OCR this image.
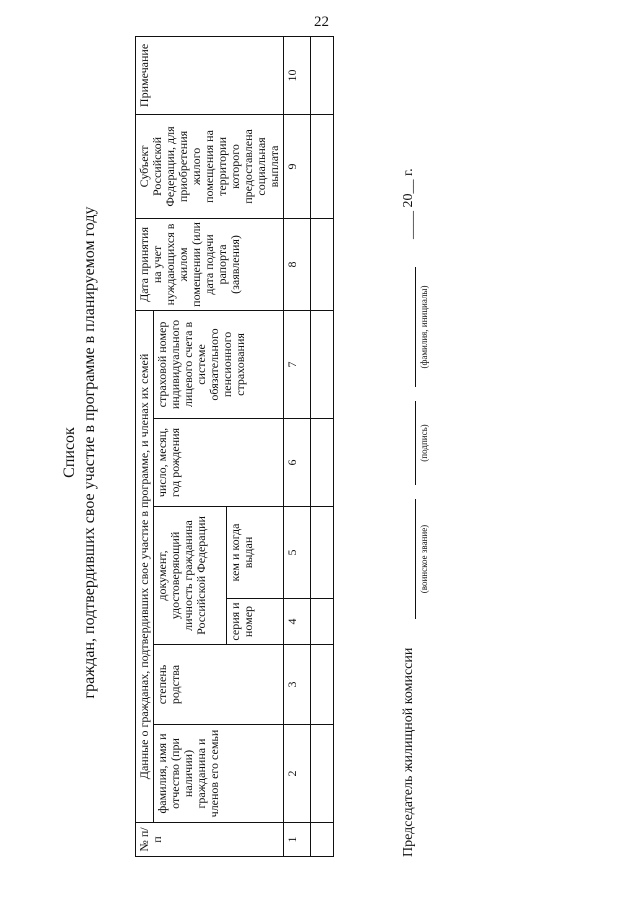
22
Список граждан, подтвердивших свое участие в программе в планируемом году
№ п/п	Данные о гражданах, подтвердивших свое участие в программе, и членах их семей						Дата принятия на учет нуждающихся в жилом помещении (или дата подачи рапорта (заявления)	Субъект Российской Федерации, для приобретения жилого помещения на территории которого предоставлена социальная выплата	Примечание
	фамилия, имя и отчество (при наличии) гражданина и членов его семьи	степень родства	документ, удостоверяющий личность гражданина Российской Федерации		число, месяц, год рождения	страховой номер индивидуального лицевого счета в системе обязательного пенсионного страхования			
			серия и номер	кем и когда выдан					
1	2	3	4	5	6	7	8	9	10

Председатель жилищной комиссии
(воинское звание)
(подпись)
(фамилия, инициалы)
____ 20__ г.
